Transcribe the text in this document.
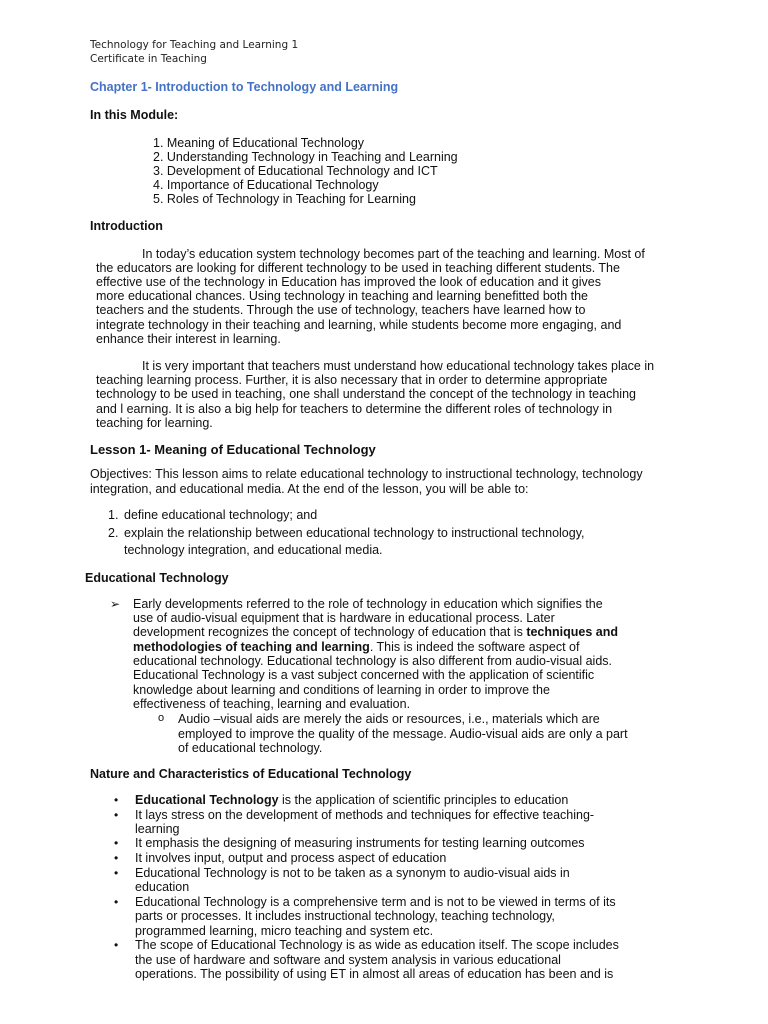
Technology for Teaching and Learning 1
Certificate in Teaching
Chapter 1- Introduction to Technology and Learning
In this Module:
1. Meaning of Educational Technology
2. Understanding Technology in Teaching and Learning
3. Development of Educational Technology and ICT
4. Importance of Educational Technology
5. Roles of Technology in Teaching for Learning
Introduction
In today’s education system technology becomes part of the teaching and learning. Most of
the educators are looking for different technology to be used in teaching different students. The
effective use of the technology in Education has improved the look of education and it gives
more educational chances. Using technology in teaching and learning benefitted both the
teachers and the students. Through the use of technology, teachers have learned how to
integrate technology in their teaching and learning, while students become more engaging, and
enhance their interest in learning.
It is very important that teachers must understand how educational technology takes place in
teaching learning process. Further, it is also necessary that in order to determine appropriate
technology to be used in teaching, one shall understand the concept of the technology in teaching
and l earning. It is also a big help for teachers to determine the different roles of technology in
teaching for learning.
Lesson 1- Meaning of Educational Technology
Objectives: This lesson aims to relate educational technology to instructional technology, technology
integration, and educational media. At the end of the lesson, you will be able to:
1. define educational technology; and
2. explain the relationship between educational technology to instructional technology,
technology integration, and educational media.
Educational Technology
➢ Early developments referred to the role of technology in education which signifies the
use of audio-visual equipment that is hardware in educational process. Later
development recognizes the concept of technology of education that is techniques and
methodologies of teaching and learning. This is indeed the software aspect of
educational technology. Educational technology is also different from audio-visual aids.
Educational Technology is a vast subject concerned with the application of scientific
knowledge about learning and conditions of learning in order to improve the
effectiveness of teaching, learning and evaluation.
o Audio –visual aids are merely the aids or resources, i.e., materials which are
employed to improve the quality of the message. Audio-visual aids are only a part
of educational technology.
Nature and Characteristics of Educational Technology
• Educational Technology is the application of scientific principles to education
• It lays stress on the development of methods and techniques for effective teaching-
learning
• It emphasis the designing of measuring instruments for testing learning outcomes
• It involves input, output and process aspect of education
• Educational Technology is not to be taken as a synonym to audio-visual aids in
education
• Educational Technology is a comprehensive term and is not to be viewed in terms of its
parts or processes. It includes instructional technology, teaching technology,
programmed learning, micro teaching and system etc.
• The scope of Educational Technology is as wide as education itself. The scope includes
the use of hardware and software and system analysis in various educational
operations. The possibility of using ET in almost all areas of education has been and is
